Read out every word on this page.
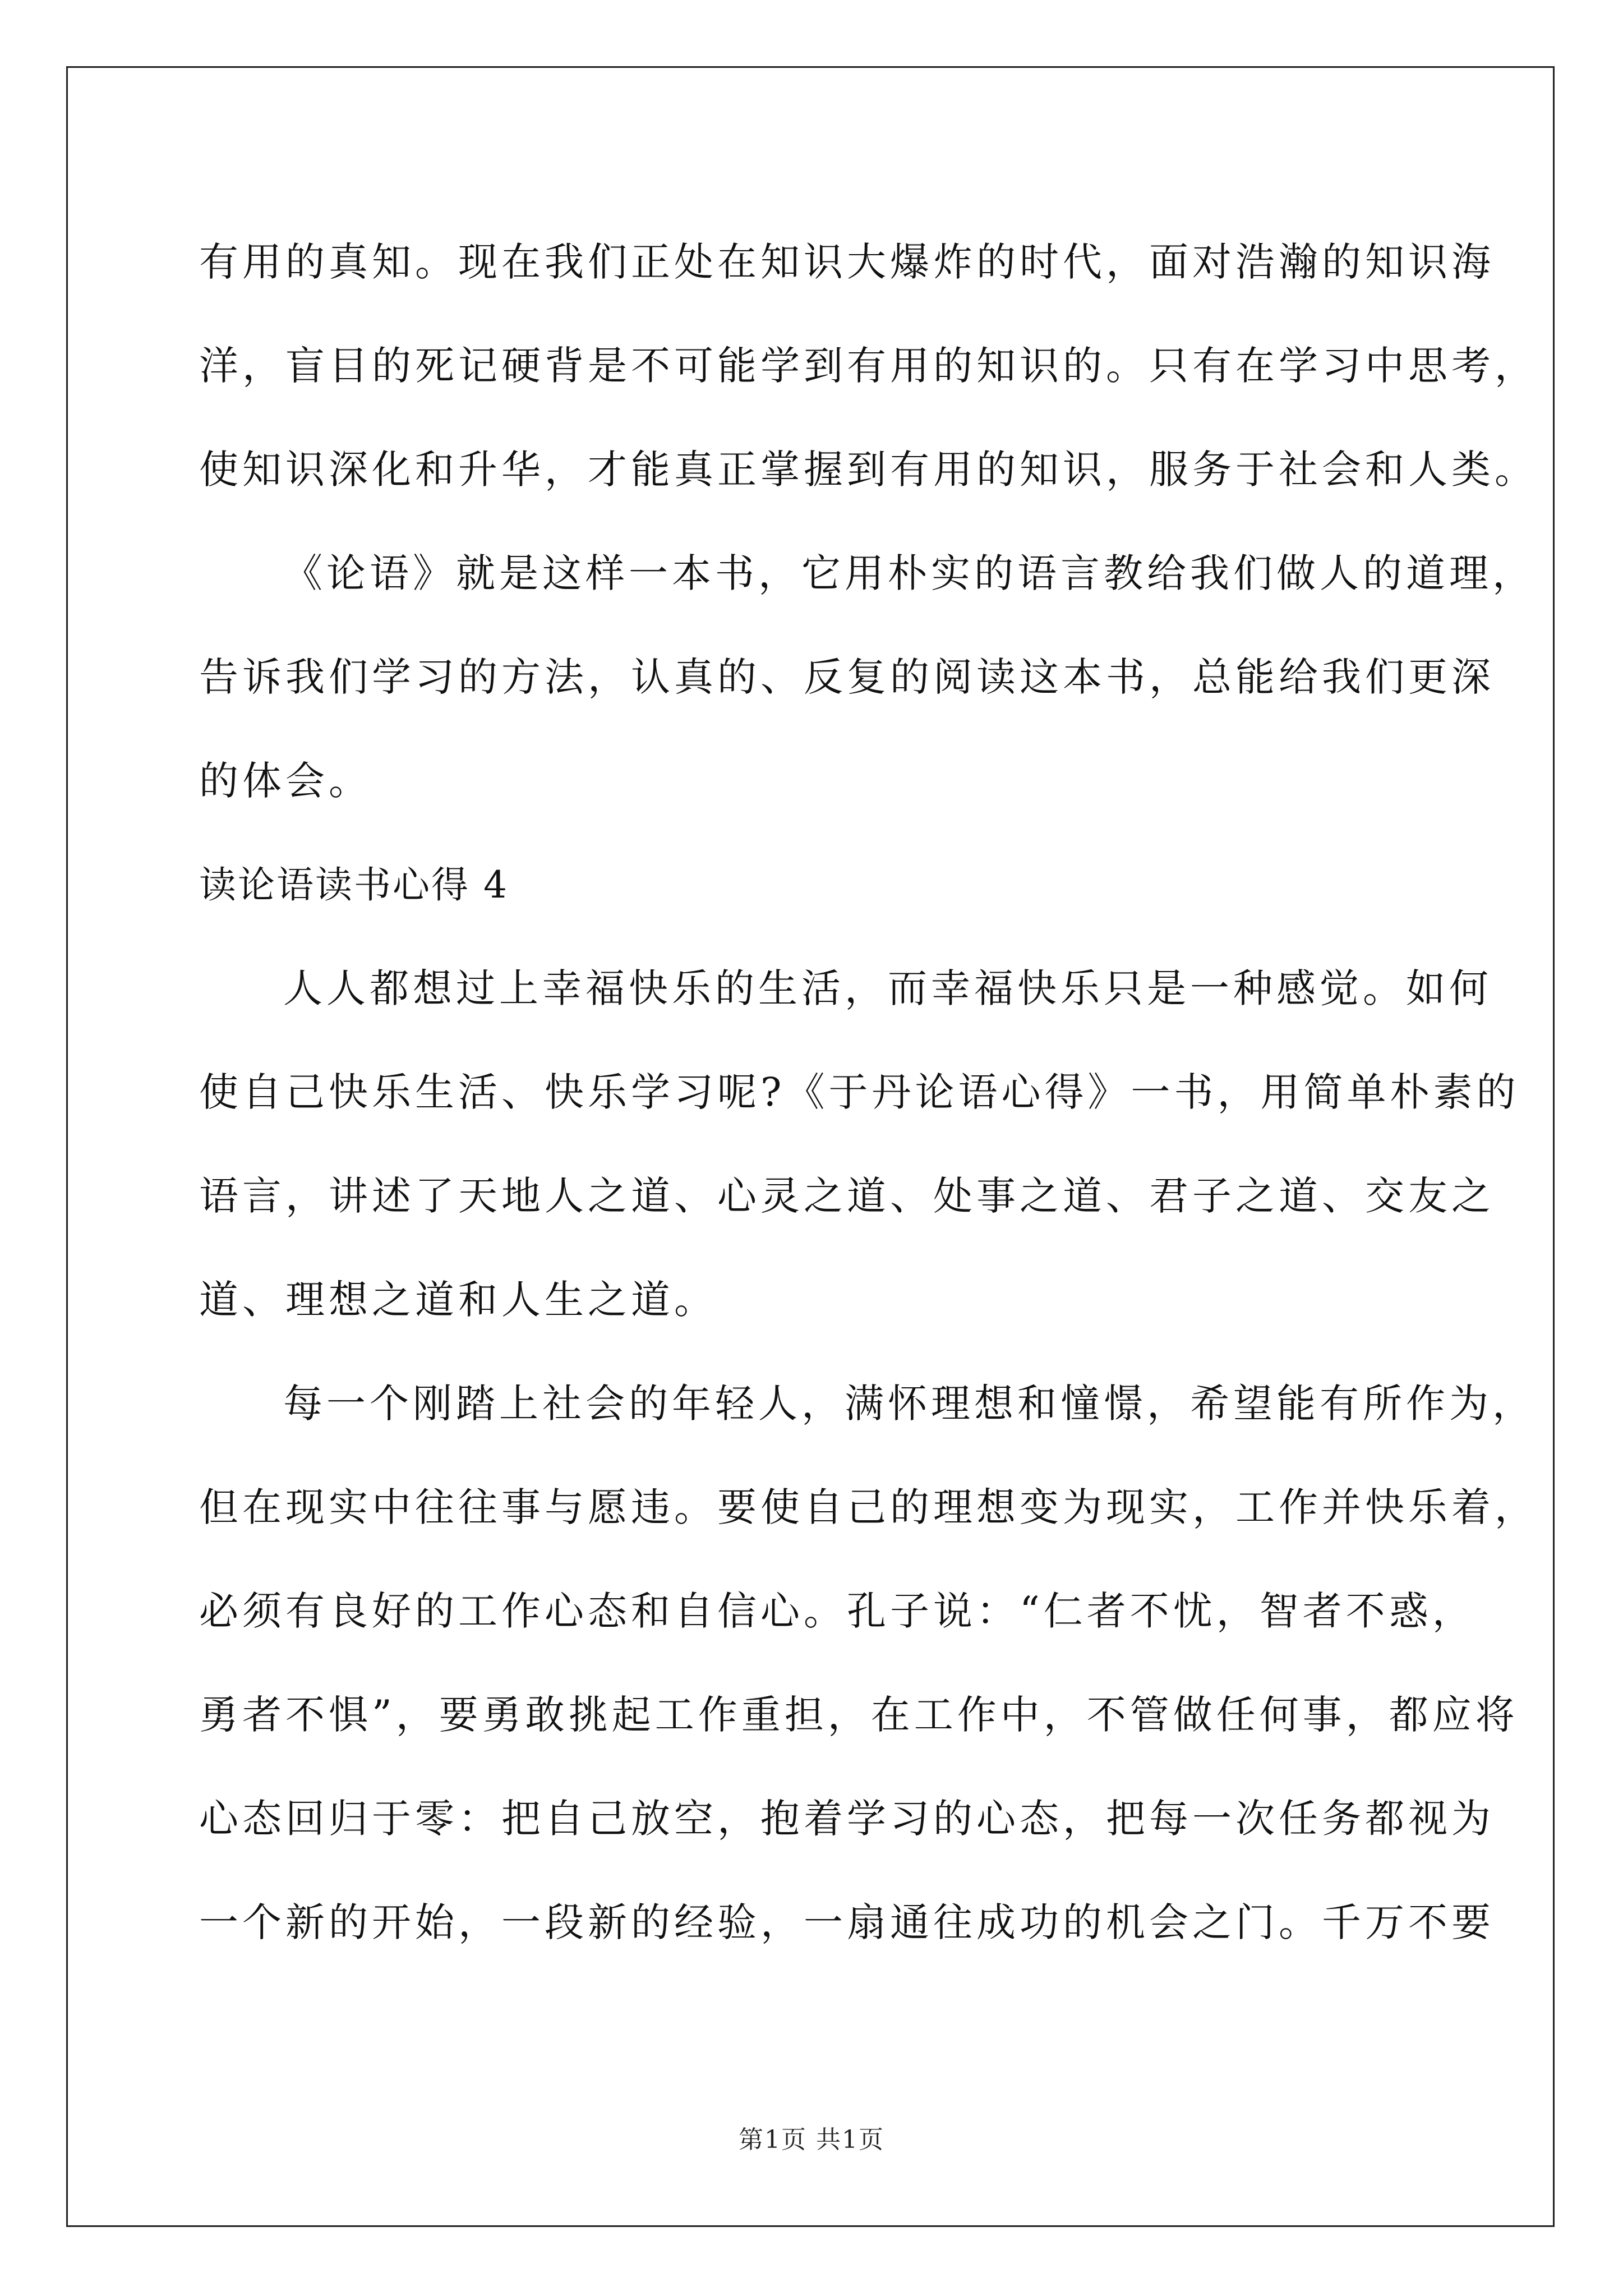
有用的真知。现在我们正处在知识大爆炸的时代，面对浩瀚的知识海
洋，盲目的死记硬背是不可能学到有用的知识的。只有在学习中思考，
使知识深化和升华，才能真正掌握到有用的知识，服务于社会和人类。
《论语》就是这样一本书，它用朴实的语言教给我们做人的道理，
告诉我们学习的方法，认真的、反复的阅读这本书，总能给我们更深
的体会。
读论语读书心得 4
人人都想过上幸福快乐的生活，而幸福快乐只是一种感觉。如何
使自己快乐生活、快乐学习呢?《于丹论语心得》一书，用简单朴素的
语言，讲述了天地人之道、心灵之道、处事之道、君子之道、交友之
道、理想之道和人生之道。
每一个刚踏上社会的年轻人，满怀理想和憧憬，希望能有所作为，
但在现实中往往事与愿违。要使自己的理想变为现实，工作并快乐着，
必须有良好的工作心态和自信心。孔子说：“仁者不忧，智者不惑，
勇者不惧”，要勇敢挑起工作重担，在工作中，不管做任何事，都应将
心态回归于零：把自己放空，抱着学习的心态，把每一次任务都视为
一个新的开始，一段新的经验，一扇通往成功的机会之门。千万不要
第1页 共1页
